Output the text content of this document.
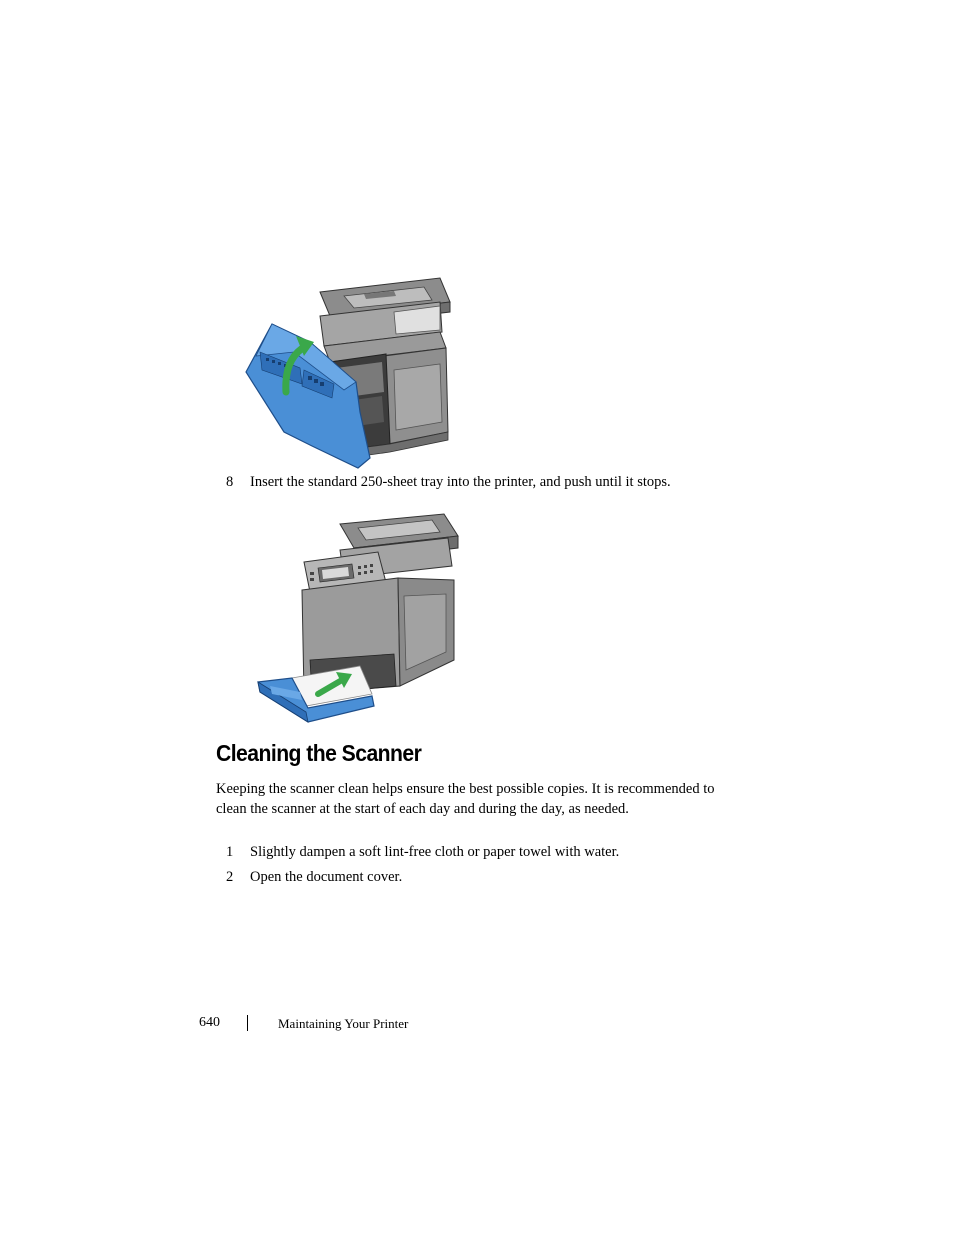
8 Insert the standard 250-sheet tray into the printer, and push until it stops.
Cleaning the Scanner

Keeping the scanner clean helps ensure the best possible copies. It is recommended to clean the scanner at the start of each day and during the day, as needed.

1 Slightly dampen a soft lint-free cloth or paper towel with water.
2 Open the document cover.
640	Maintaining Your Printer
